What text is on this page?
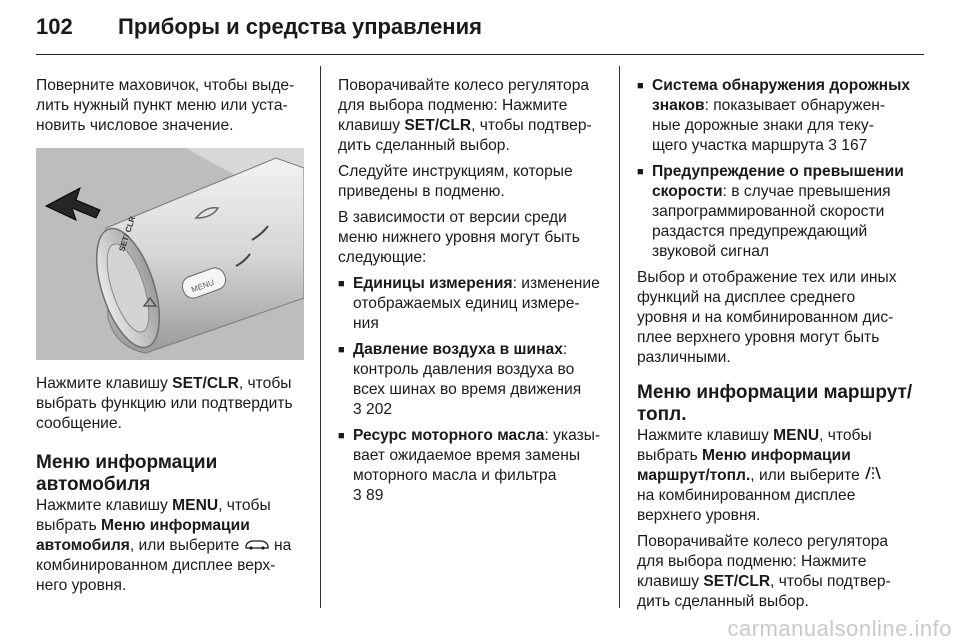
102 Приборы и средства управления

Поверните маховичок, чтобы выде-
лить нужный пункт меню или уста-
новить числовое значение.

SET/ CLR
MENU

Нажмите клавишу SET/CLR, чтобы
выбрать функцию или подтвердить
сообщение.

Меню информации
автомобиля

Нажмите клавишу MENU, чтобы
выбрать Меню информации
автомобиля, или выберите  на
комбинированном дисплее верх-
него уровня.

Поворачивайте колесо регулятора
для выбора подменю: Нажмите
клавишу SET/CLR, чтобы подтвер-
дить сделанный выбор.

Следуйте инструкциям, которые
приведены в подменю.

В зависимости от версии среди
меню нижнего уровня могут быть
следующие:

■ Единицы измерения: изменение
отображаемых единиц измере-
ния
■ Давление воздуха в шинах:
контроль давления воздуха во
всех шинах во время движения
3 202
■ Ресурс моторного масла: указы-
вает ожидаемое время замены
моторного масла и фильтра
3 89
■ Система обнаружения дорожных
знаков: показывает обнаружен-
ные дорожные знаки для теку-
щего участка маршрута 3 167
■ Предупреждение о превышении
скорости: в случае превышения
запрограммированной скорости
раздастся предупреждающий
звуковой сигнал

Выбор и отображение тех или иных
функций на дисплее среднего
уровня и на комбинированном дис-
плее верхнего уровня могут быть
различными.

Меню информации маршрут/
топл.

Нажмите клавишу MENU, чтобы
выбрать Меню информации
маршрут/топл., или выберите
на комбинированном дисплее
верхнего уровня.

Поворачивайте колесо регулятора
для выбора подменю: Нажмите
клавишу SET/CLR, чтобы подтвер-
дить сделанный выбор.

carmanualsonline.info
